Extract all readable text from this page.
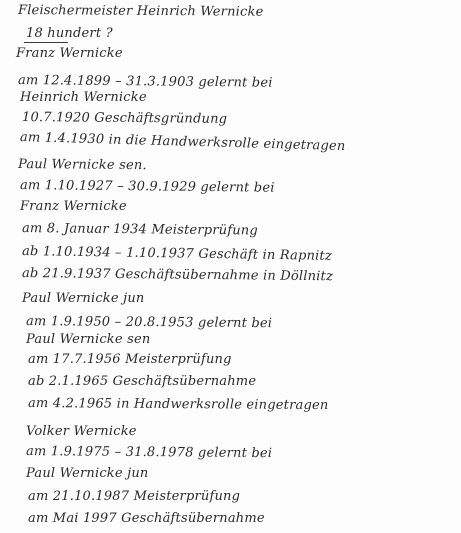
Fleischermeister Heinrich Wernicke
18 hundert ?
Franz Wernicke
am 12.4.1899 – 31.3.1903 gelernt bei
Heinrich Wernicke
10.7.1920 Geschäftsgründung
am 1.4.1930 in die Handwerksrolle eingetragen
Paul Wernicke sen.
am 1.10.1927 – 30.9.1929 gelernt bei
Franz Wernicke
am 8. Januar 1934 Meisterprüfung
ab 1.10.1934 – 1.10.1937 Geschäft in Rapnitz
ab 21.9.1937 Geschäftsübernahme in Döllnitz
Paul Wernicke jun
am 1.9.1950 – 20.8.1953 gelernt bei
Paul Wernicke sen
am 17.7.1956 Meisterprüfung
ab 2.1.1965 Geschäftsübernahme
am 4.2.1965 in Handwerksrolle eingetragen
Volker Wernicke
am 1.9.1975 – 31.8.1978 gelernt bei
Paul Wernicke jun
am 21.10.1987 Meisterprüfung
am Mai 1997 Geschäftsübernahme
